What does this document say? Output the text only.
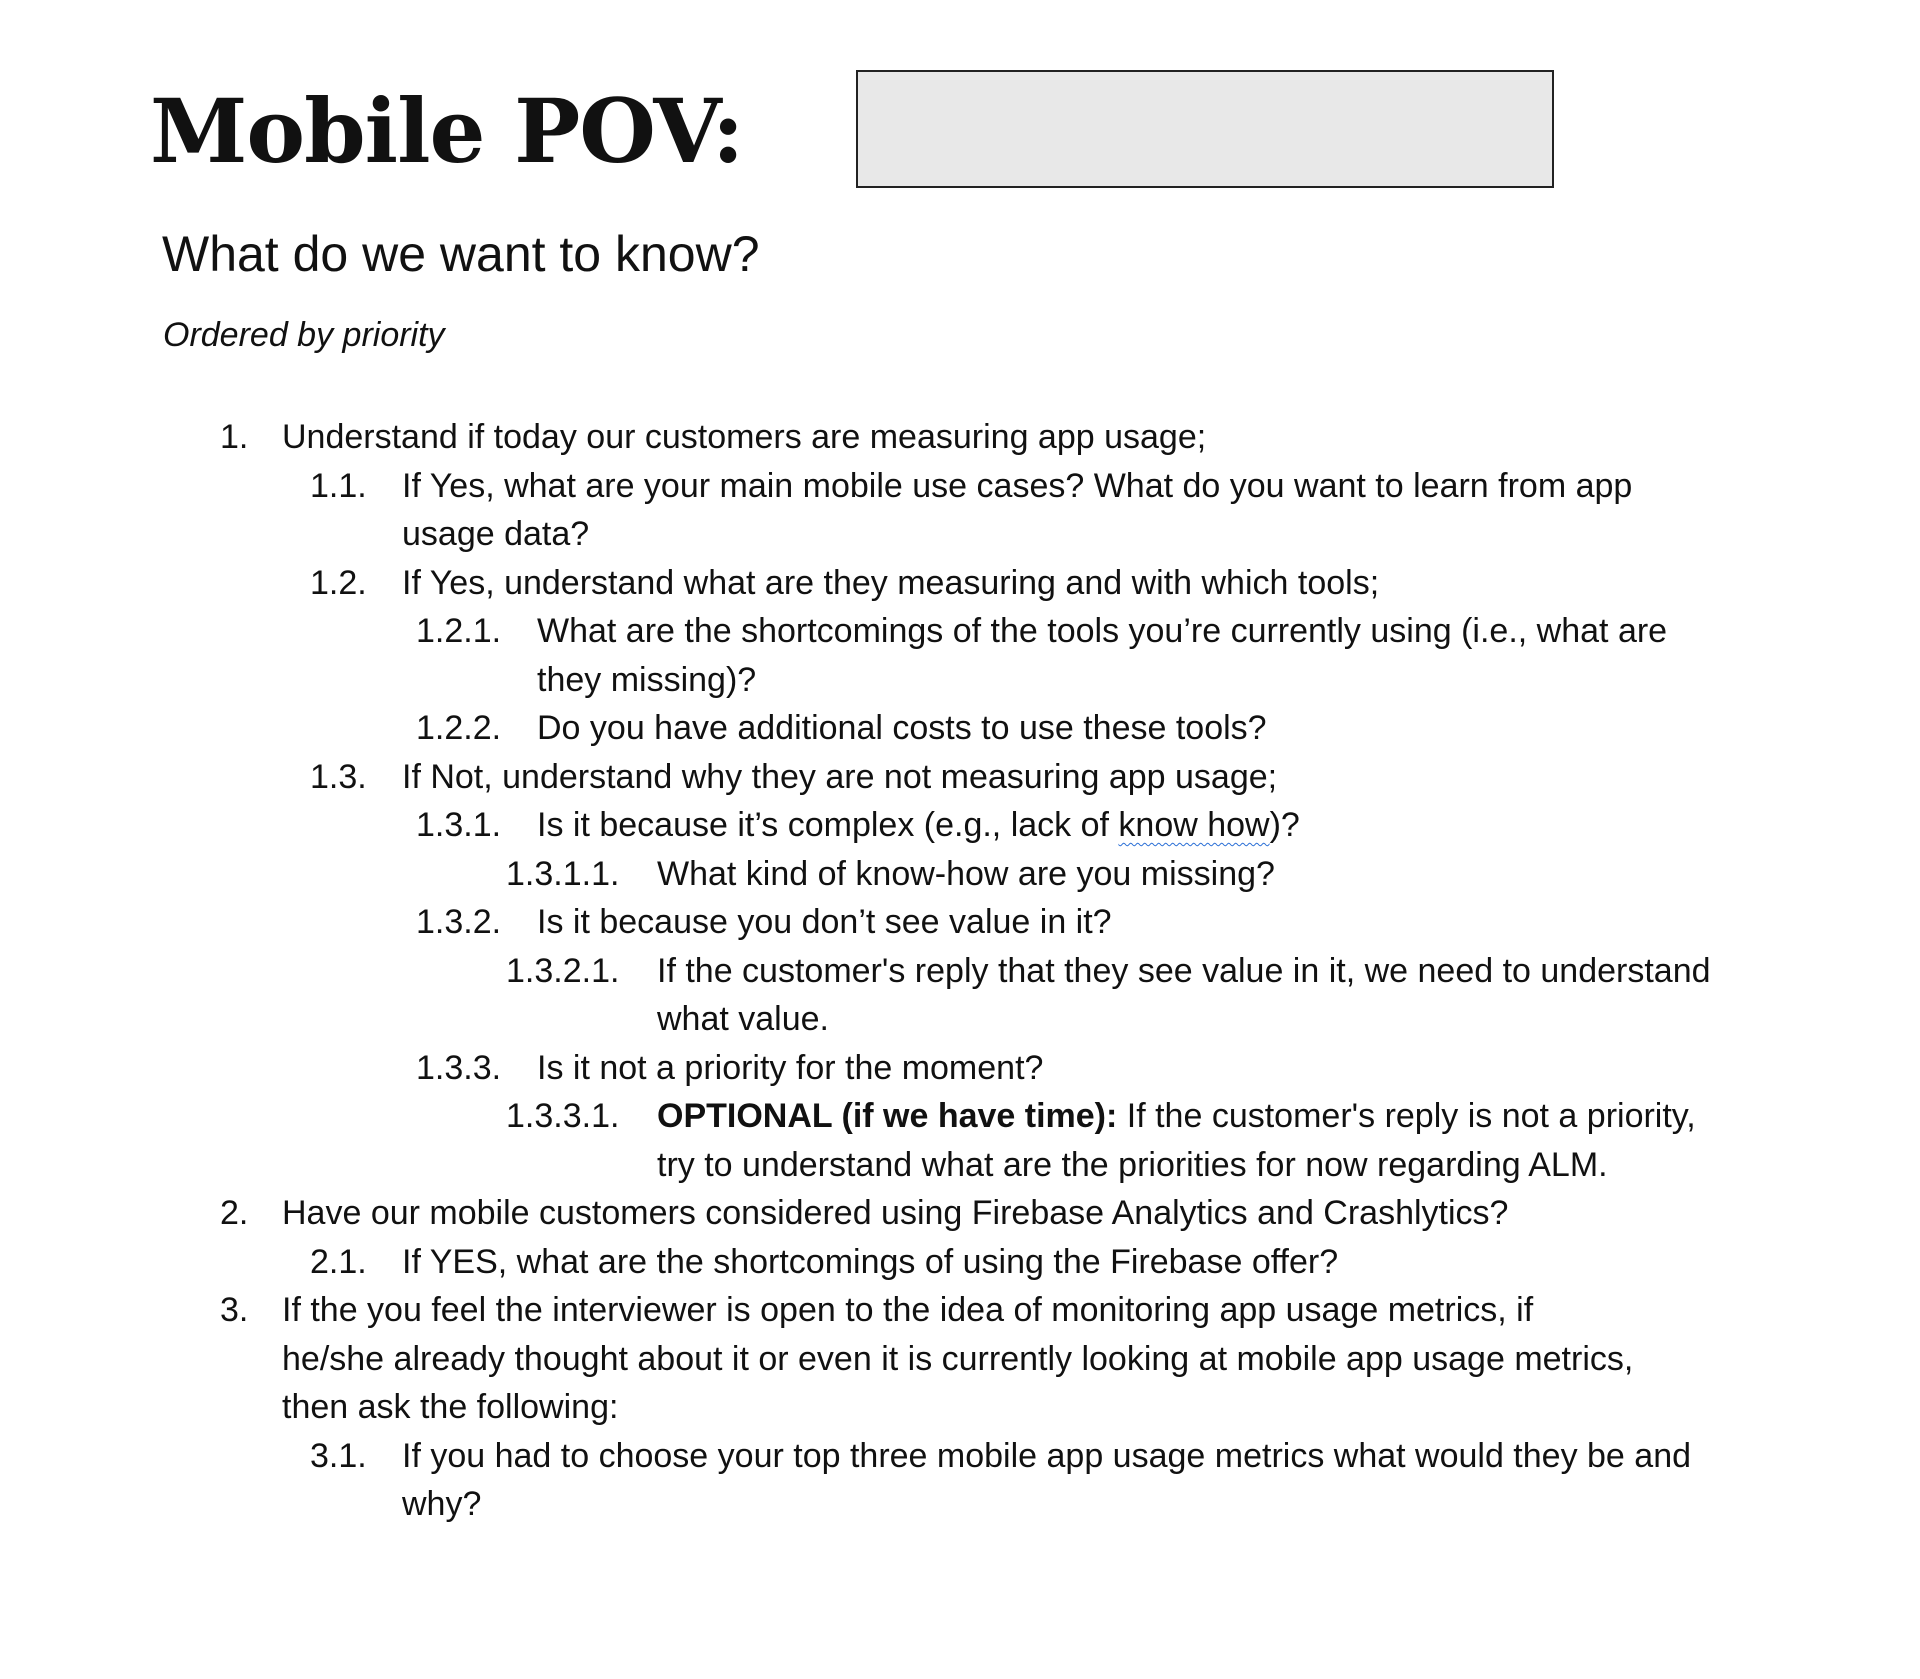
Mobile POV:
What do we want to know?
Ordered by priority
1. Understand if today our customers are measuring app usage;
1.1. If Yes, what are your main mobile use cases? What do you want to learn from app usage data?
1.2. If Yes, understand what are they measuring and with which tools;
1.2.1. What are the shortcomings of the tools you’re currently using (i.e., what are they missing)?
1.2.2. Do you have additional costs to use these tools?
1.3. If Not, understand why they are not measuring app usage;
1.3.1. Is it because it’s complex (e.g., lack of know how)?
1.3.1.1. What kind of know-how are you missing?
1.3.2. Is it because you don’t see value in it?
1.3.2.1. If the customer's reply that they see value in it, we need to understand what value.
1.3.3. Is it not a priority for the moment?
1.3.3.1. OPTIONAL (if we have time): If the customer's reply is not a priority, try to understand what are the priorities for now regarding ALM.
2. Have our mobile customers considered using Firebase Analytics and Crashlytics?
2.1. If YES, what are the shortcomings of using the Firebase offer?
3. If the you feel the interviewer is open to the idea of monitoring app usage metrics, if he/she already thought about it or even it is currently looking at mobile app usage metrics, then ask the following:
3.1. If you had to choose your top three mobile app usage metrics what would they be and why?
